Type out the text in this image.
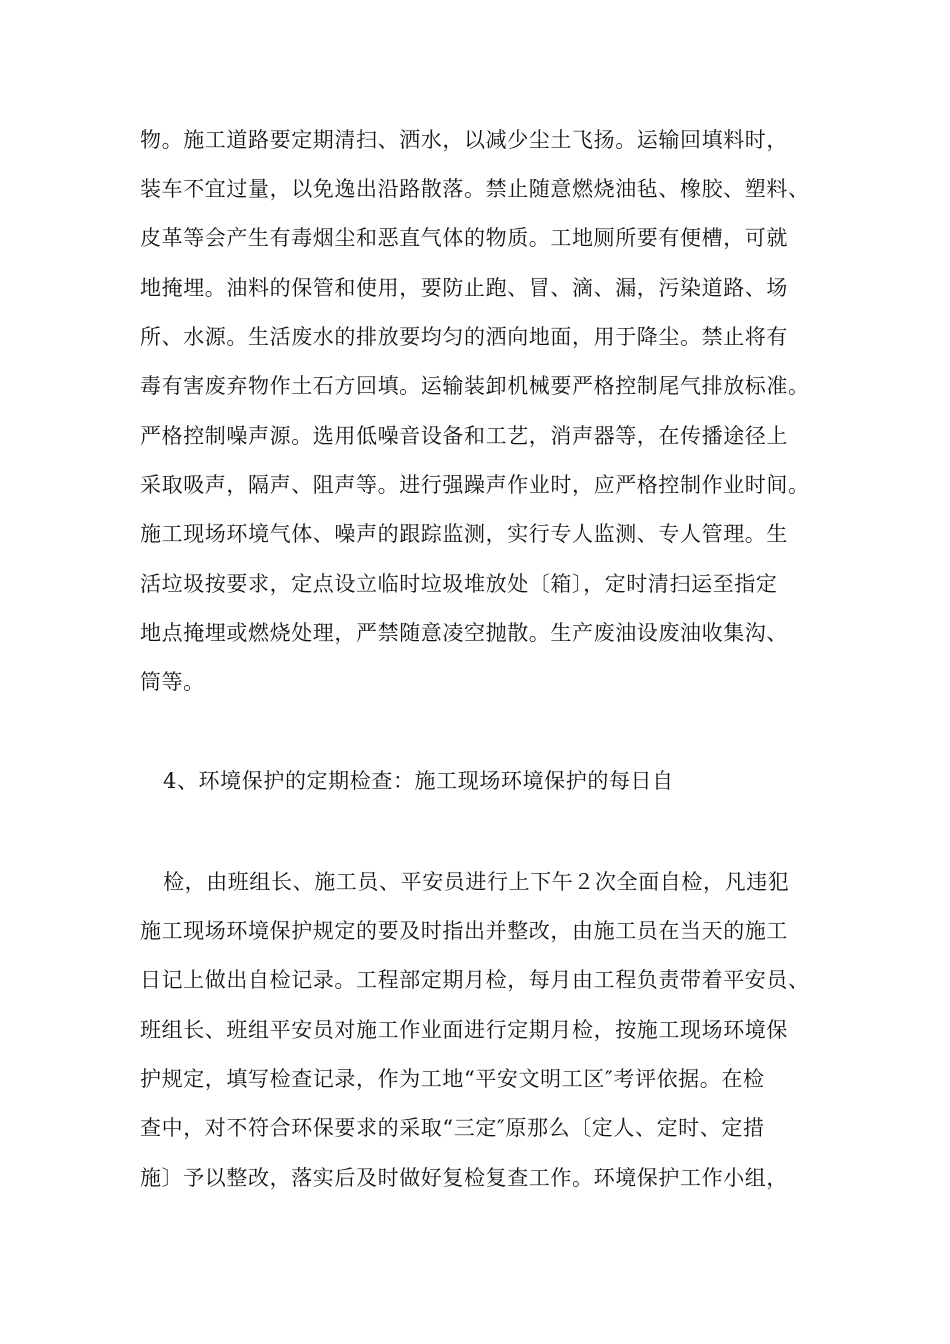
物。施工道路要定期清扫、洒水，以减少尘土飞扬。运输回填料时，
装车不宜过量，以免逸出沿路散落。禁止随意燃烧油毡、橡胶、塑料、
皮革等会产生有毒烟尘和恶直气体的物质。工地厕所要有便槽，可就
地掩埋。油料的保管和使用，要防止跑、冒、滴、漏，污染道路、场
所、水源。生活废水的排放要均匀的洒向地面，用于降尘。禁止将有
毒有害废弃物作土石方回填。运输装卸机械要严格控制尾气排放标准。
严格控制噪声源。选用低噪音设备和工艺，消声器等，在传播途径上
采取吸声，隔声、阻声等。进行强躁声作业时，应严格控制作业时间。
施工现场环境气体、噪声的跟踪监测，实行专人监测、专人管理。生
活垃圾按要求，定点设立临时垃圾堆放处〔箱〕，定时清扫运至指定
地点掩埋或燃烧处理，严禁随意凌空抛散。生产废油设废油收集沟、
筒等。
4、环境保护的定期检查：施工现场环境保护的每日自
检，由班组长、施工员、平安员进行上下午２次全面自检，凡违犯
施工现场环境保护规定的要及时指出并整改，由施工员在当天的施工
日记上做出自检记录。工程部定期月检，每月由工程负责带着平安员、
班组长、班组平安员对施工作业面进行定期月检，按施工现场环境保
护规定，填写检查记录，作为工地“平安文明工区″考评依据。在检
查中，对不符合环保要求的采取“三定″原那么〔定人、定时、定措
施〕予以整改，落实后及时做好复检复查工作。环境保护工作小组，
